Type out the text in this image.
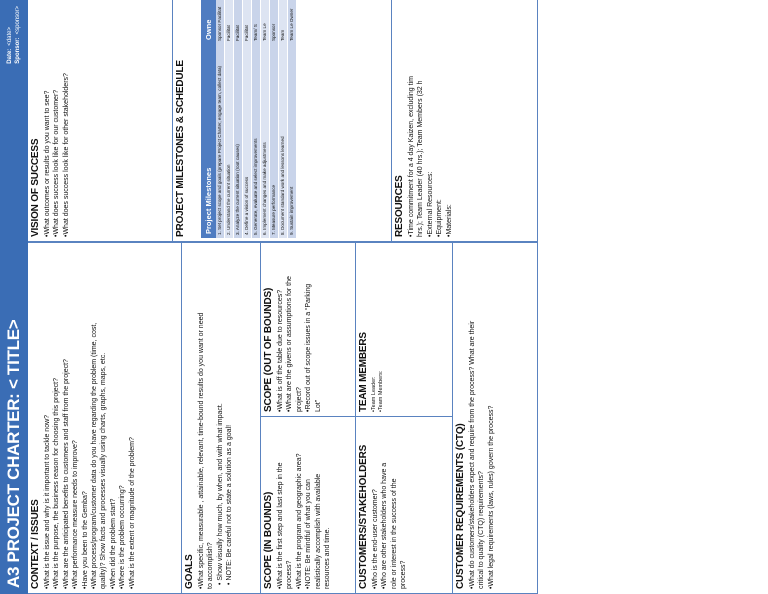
A3 PROJECT CHARTER: < TITLE>
Date:<date>
Sponsor:<sponsor>
CONTEXT / ISSUES •What is the issue and why is it important to tackle now? •What is the purpose, the business reason for choosing this project? •What are the anticipated benefits to customers and staff from the project? •What performance measure needs to improve? •Have you been to the Gemba? •What process/program/customer data do you have regarding the problem (time, cost, quality)? Show facts and processes visually using charts, graphs, maps, etc. •When did the problem start? •Where is the problem occurring? •What is the extent or magnitude of the problem?	GOALS •What specific, measurable , attainable, relevant, time-bound results do you want or need to accomplish? • Show visually how much, by when, and with what impact. • NOTE: Be careful not to state a solution as a goal!	SCOPE (IN BOUNDS) •What is the first step and last step in the process? •What is the program and geographic area? •NOTE: Be mindful of what you can realistically accomplish with available resources and time.
SCOPE (OUT OF BOUNDS) •What is off the table due to resources? •What are the givens or assumptions for the project? •Record out of scope issues in a “Parking Lot”
CUSTOMERS/STAKEHOLDERS •Who is the end-user customer? •Who are other stakeholders who have a role or interest in the success of the process?
TEAM MEMBERS •Team Leader: •Team Members:
CUSTOMER REQUIREMENTS (CTQ) •What do customers/stakeholders expect and require from the process? What are their critical to quality (CTQ) requirements? •What legal requirements (laws, rules) govern the process?
VISION OF SUCCESS •What outcomes or results do you want to see? •What does success look like for our customer? •What does success look like for other stakeholders?	PROJECT MILESTONES & SCHEDULE Project Milestones	Owne
1. Set project scope and goals (prepare Project Charter, engage team, collect data)	Sponsor Facilitat
2. Understand the current situation	Facilitat
3. Analyze the current situation (root causes)	Facilitat
4. Define a vision of success	Facilitat
5. Generate, evaluate and select improvements	Team/ S
6. Implement changes and make adjustments	Team Le
7. Measure performance	Sponsor
8. Document standard work and lessons learned	Team
9. Sustain improvement	Team Le Owner
RESOURCES •Time commitment for a 4 day Kaizen, excluding tim hrs.); Team Leader (40 hrs.); Team Members (32 h •External Resources: •Equipment: •Materials:
